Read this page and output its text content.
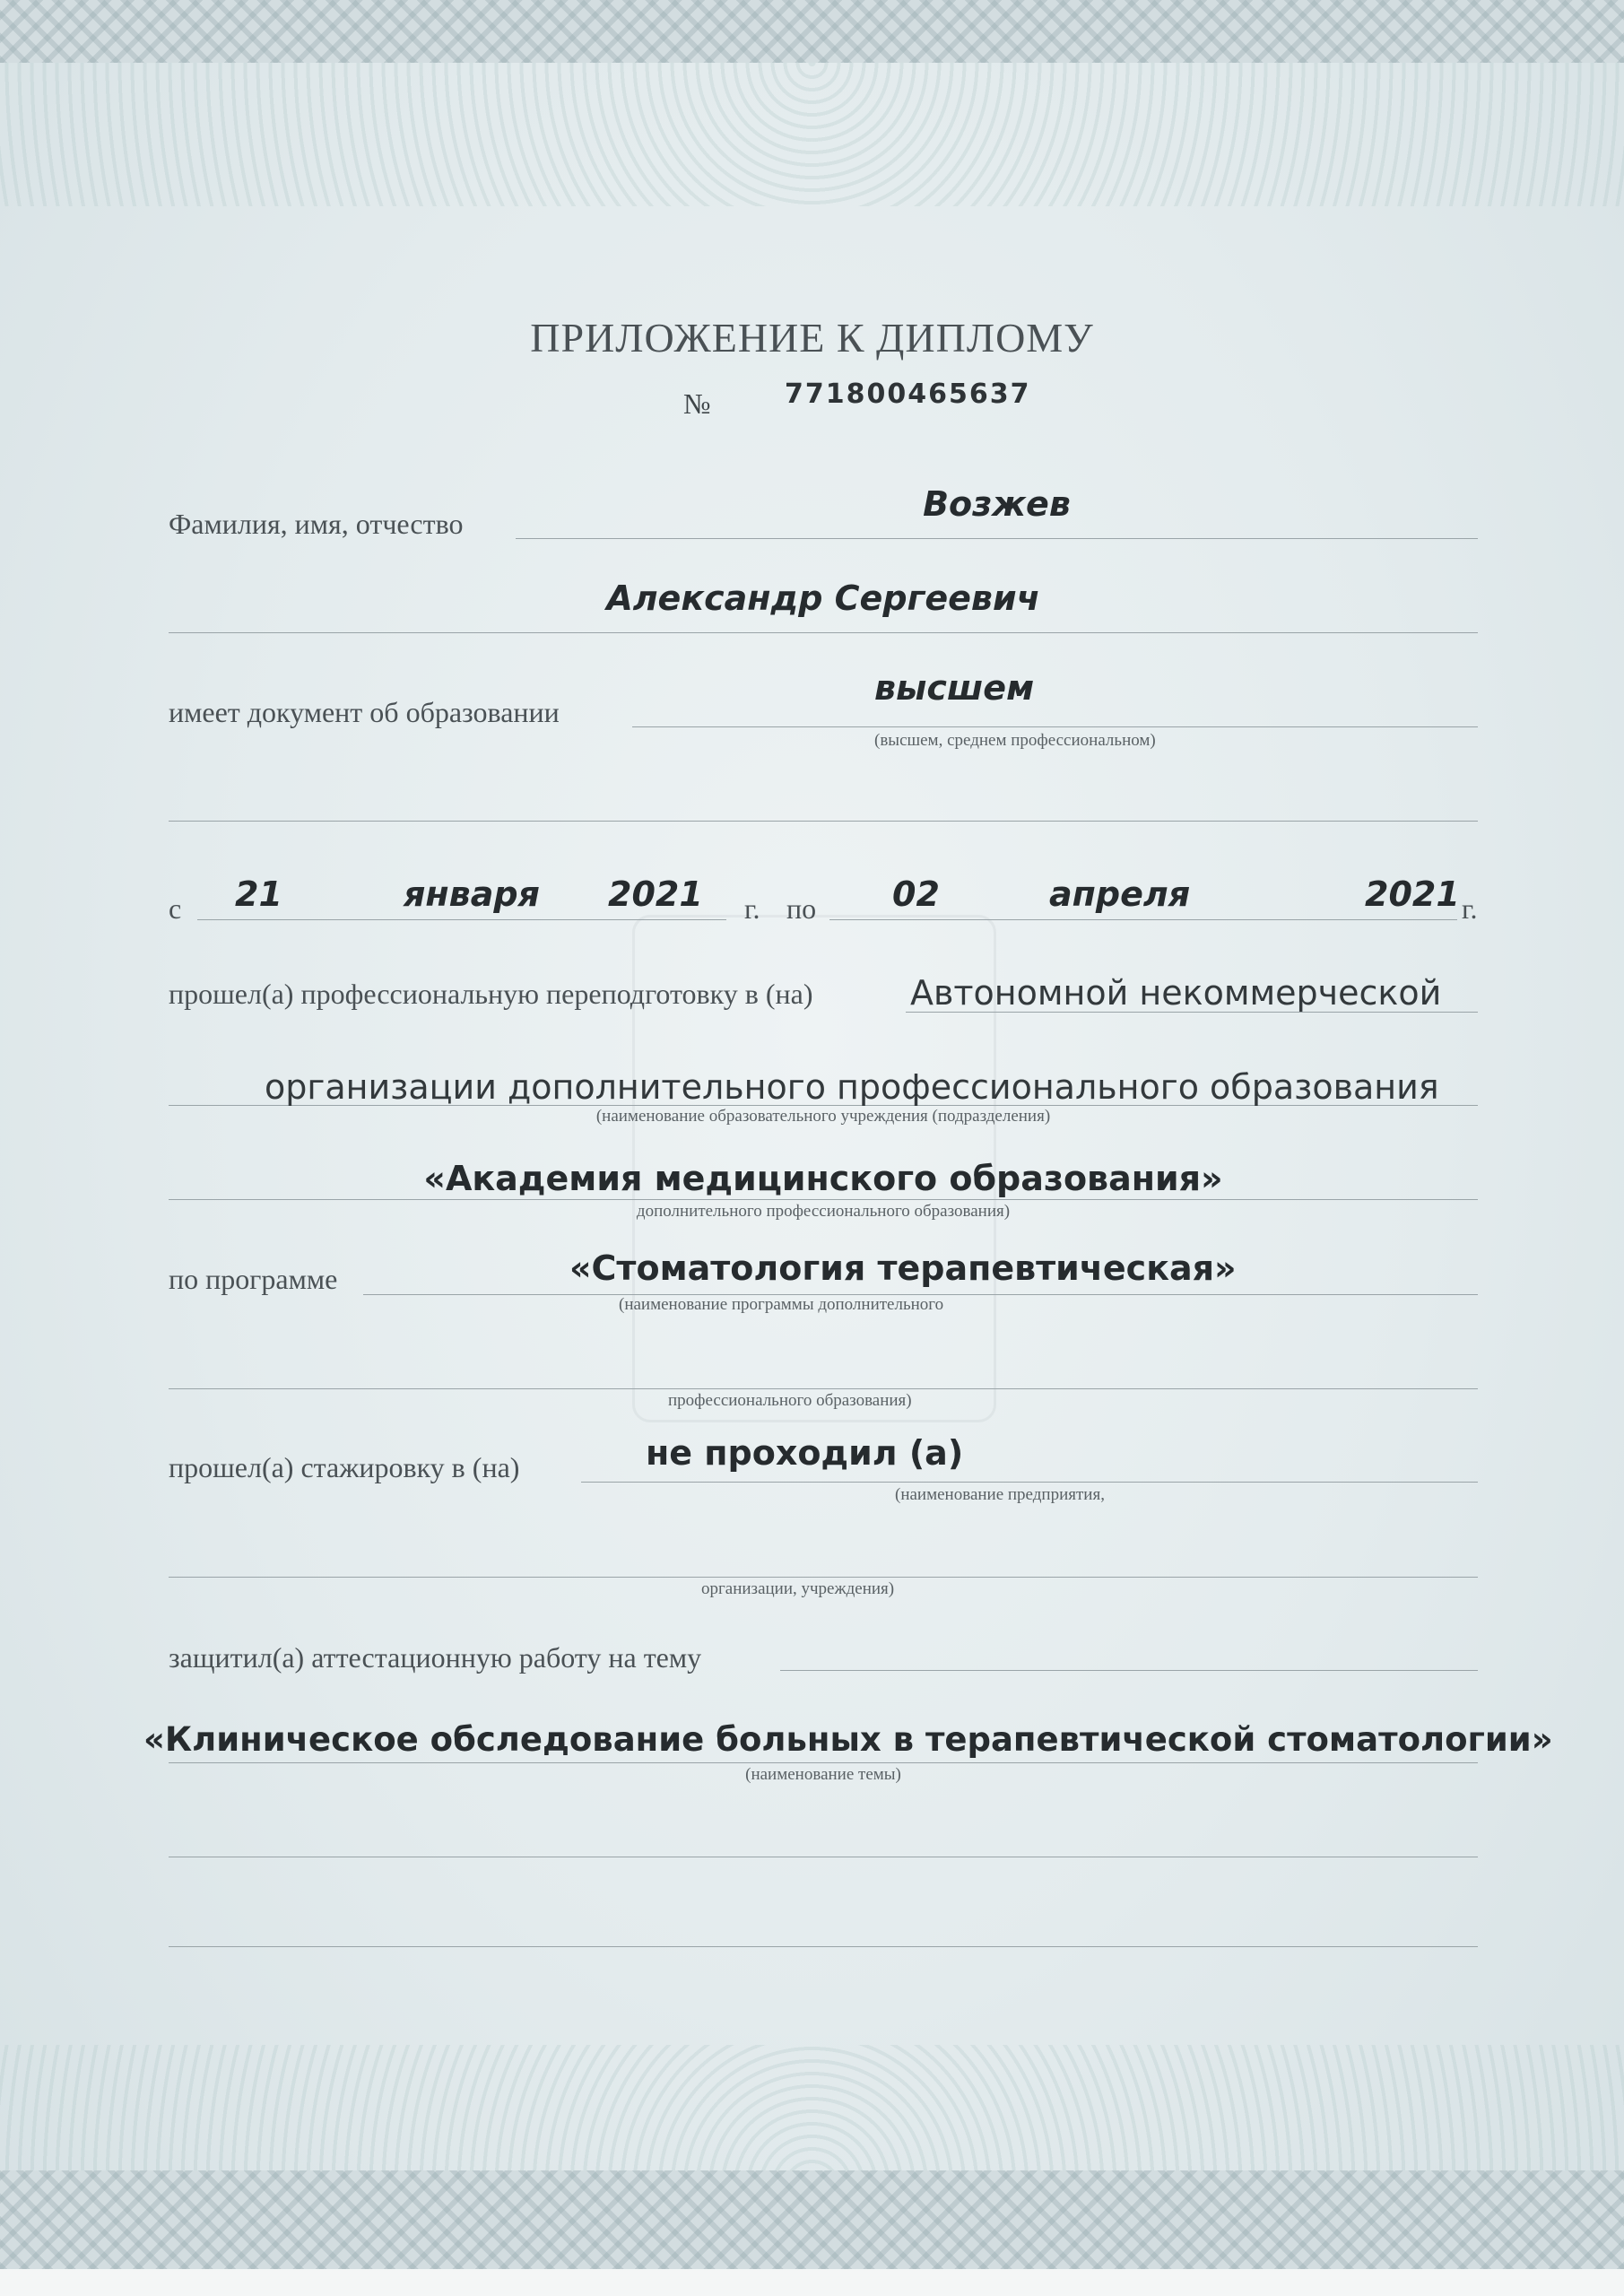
ПРИЛОЖЕНИЕ К ДИПЛОМУ
№	771800465637
Фамилия, имя, отчество	Возжев
Александр Сергеевич
имеет документ об образовании
высшем
(высшем, среднем профессиональном)
с 21	января 2021 г. по 02	апреля	2021 г.
прошел(а) профессиональную переподготовку в (на)	Автономной некоммерческой
организации дополнительного профессионального образования
(наименование образовательного учреждения (подразделения)
«Академия медицинского образования»
дополнительного профессионального образования)
по программе	«Стоматология терапевтическая»
(наименование программы дополнительного
профессионального образования)
прошел(а) стажировку в (на)	не проходил (а)
(наименование предприятия,
организации, учреждения)
защитил(а) аттестационную работу на тему
«Клиническое обследование больных в терапевтической стоматологии»
(наименование темы)
